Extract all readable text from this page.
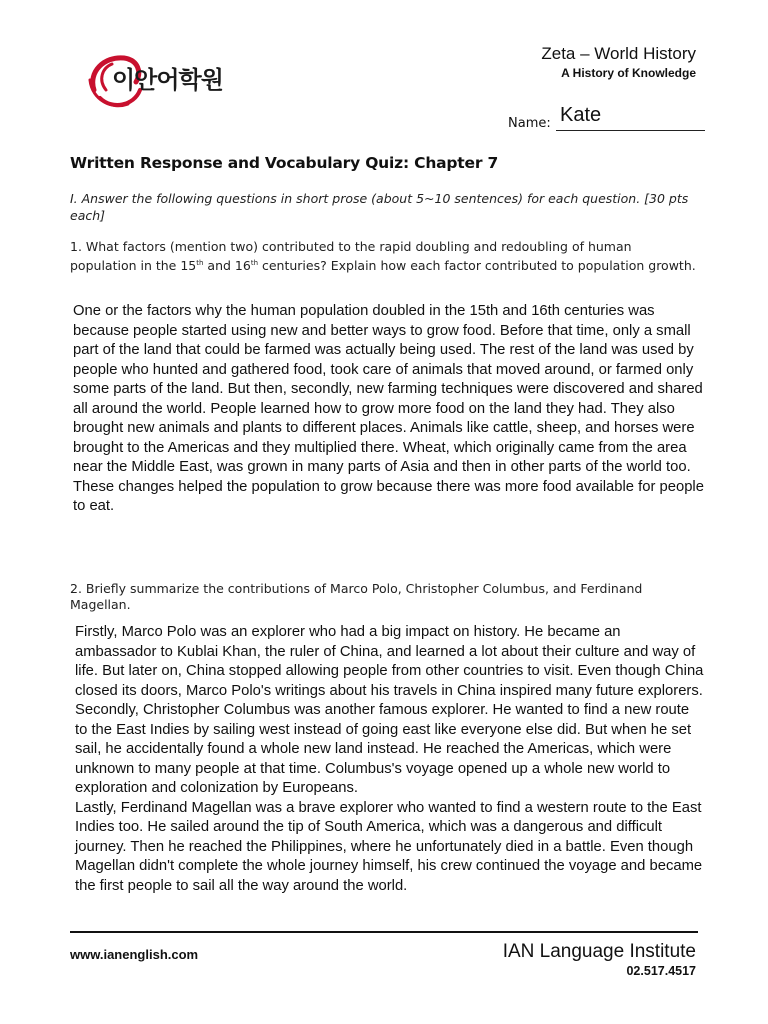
이안어학원
Zeta – World History
A History of Knowledge
Name: Kate
Written Response and Vocabulary Quiz: Chapter 7
I. Answer the following questions in short prose (about 5~10 sentences) for each question. [30 pts each]
1. What factors (mention two) contributed to the rapid doubling and redoubling of human population in the 15th and 16th centuries? Explain how each factor contributed to population growth.

One or the factors why the human population doubled in the 15th and 16th centuries was because people started using new and better ways to grow food. Before that time, only a small part of the land that could be farmed was actually being used. The rest of the land was used by people who hunted and gathered food, took care of animals that moved around, or farmed only some parts of the land. But then, secondly, new farming techniques were discovered and shared all around the world. People learned how to grow more food on the land they had. They also brought new animals and plants to different places. Animals like cattle, sheep, and horses were brought to the Americas and they multiplied there. Wheat, which originally came from the area near the Middle East, was grown in many parts of Asia and then in other parts of the world too. These changes helped the population to grow because there was more food available for people to eat.

2. Briefly summarize the contributions of Marco Polo, Christopher Columbus, and Ferdinand Magellan.

Firstly, Marco Polo was an explorer who had a big impact on history. He became an ambassador to Kublai Khan, the ruler of China, and learned a lot about their culture and way of life. But later on, China stopped allowing people from other countries to visit. Even though China closed its doors, Marco Polo's writings about his travels in China inspired many future explorers.

Secondly, Christopher Columbus was another famous explorer. He wanted to find a new route to the East Indies by sailing west instead of going east like everyone else did. But when he set sail, he accidentally found a whole new land instead. He reached the Americas, which were unknown to many people at that time. Columbus's voyage opened up a whole new world to exploration and colonization by Europeans.

Lastly, Ferdinand Magellan was a brave explorer who wanted to find a western route to the East Indies too. He sailed around the tip of South America, which was a dangerous and difficult journey. Then he reached the Philippines, where he unfortunately died in a battle. Even though Magellan didn't complete the whole journey himself, his crew continued the voyage and became the first people to sail all the way around the world.

www.ianenglish.com	IAN Language Institute
02.517.4517
